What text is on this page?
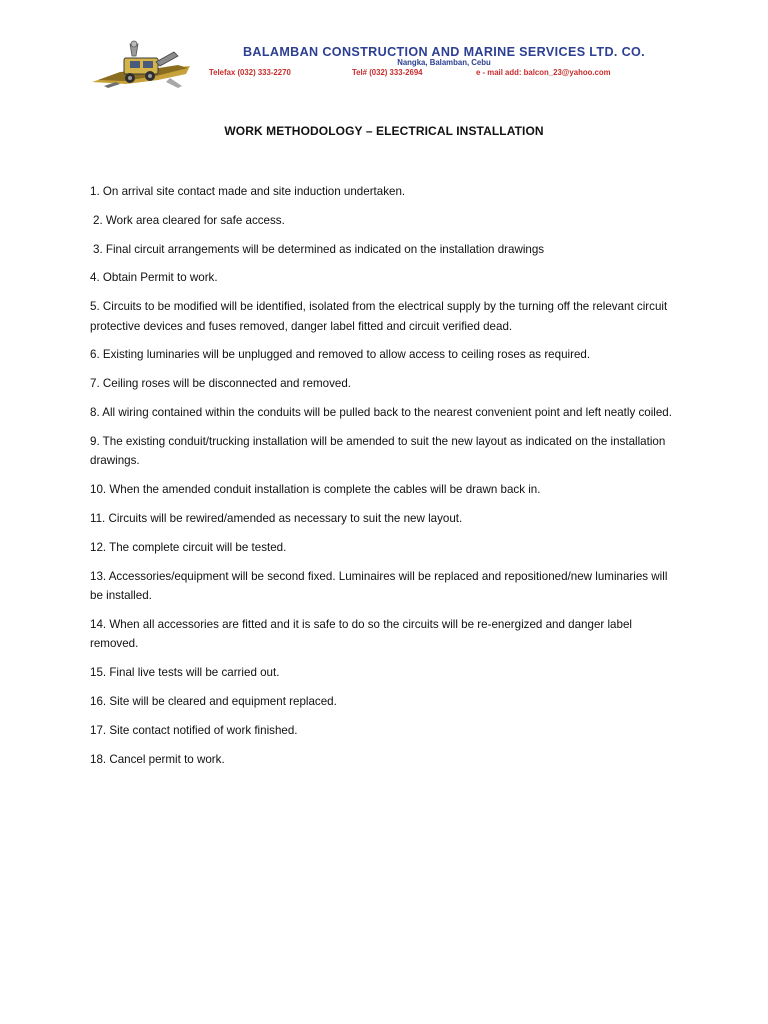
BALAMBAN CONSTRUCTION AND MARINE SERVICES LTD. CO.
Nangka, Balamban, Cebu
Telefax (032) 333-2270	Tel# (032) 333-2694	e - mail add: balcon_23@yahoo.com
WORK METHODOLOGY – ELECTRICAL INSTALLATION

1. On arrival site contact made and site induction undertaken.

2. Work area cleared for safe access.

3. Final circuit arrangements will be determined as indicated on the installation drawings

4. Obtain Permit to work.

5. Circuits to be modified will be identified, isolated from the electrical supply by the turning off the relevant circuit protective devices and fuses removed, danger label fitted and circuit verified dead.

6. Existing luminaries will be unplugged and removed to allow access to ceiling roses as required.

7. Ceiling roses will be disconnected and removed.

8. All wiring contained within the conduits will be pulled back to the nearest convenient point and left neatly coiled.

9. The existing conduit/trucking installation will be amended to suit the new layout as indicated on the installation drawings.

10. When the amended conduit installation is complete the cables will be drawn back in.

11. Circuits will be rewired/amended as necessary to suit the new layout.

12. The complete circuit will be tested.

13. Accessories/equipment will be second fixed. Luminaires will be replaced and repositioned/new luminaries will be installed.

14. When all accessories are fitted and it is safe to do so the circuits will be re-energized and danger label removed.

15. Final live tests will be carried out.

16. Site will be cleared and equipment replaced.

17. Site contact notified of work finished.

18. Cancel permit to work.
